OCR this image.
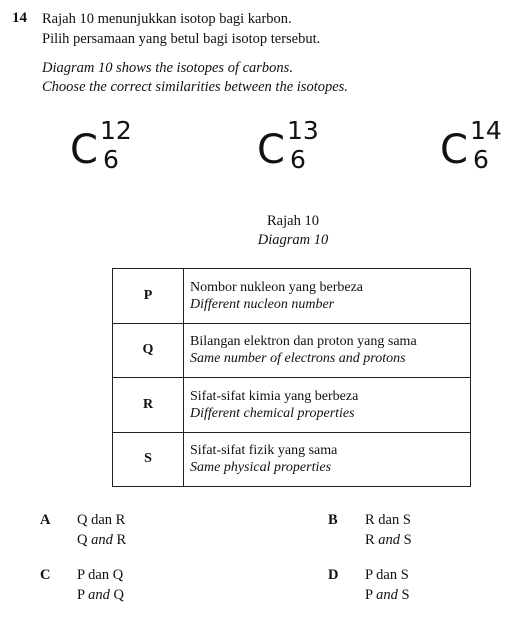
14 Rajah 10 menunjukkan isotop bagi karbon.
Pilih persamaan yang betul bagi isotop tersebut.
Diagram 10 shows the isotopes of carbons.
Choose the correct similarities between the isotopes.
C 12
6	C 13
6	C 14
6
Rajah 10
Diagram 10
P	Nombor nukleon yang berbeza
Different nucleon number

Q	Bilangan elektron dan proton yang sama
Same number of electrons and protons

R	Sifat-sifat kimia yang berbeza
Different chemical properties

S	Sifat-sifat fizik yang sama
Same physical properties
A Q dan R
Q and R
B R dan S
R and S
C P dan Q
P and Q
D P dan S
P and S
